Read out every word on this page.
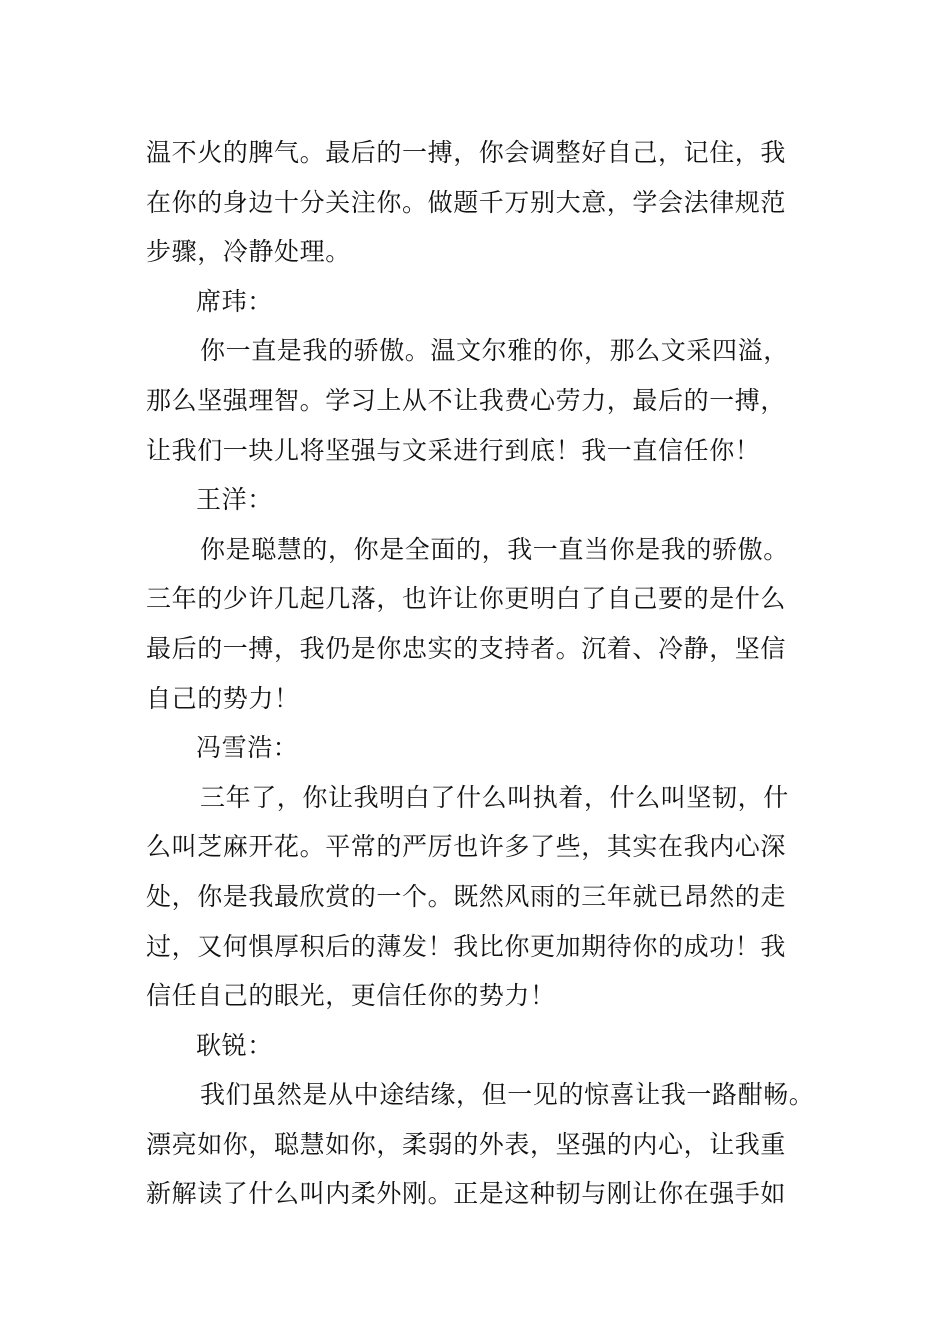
温不火的脾气。最后的一搏，你会调整好自己，记住，我
在你的身边十分关注你。做题千万别大意，学会法律规范
步骤，冷静处理。
席玮：
你一直是我的骄傲。温文尔雅的你，那么文采四溢，
那么坚强理智。学习上从不让我费心劳力，最后的一搏，
让我们一块儿将坚强与文采进行到底！我一直信任你！
王洋：
你是聪慧的，你是全面的，我一直当你是我的骄傲。
三年的少许几起几落，也许让你更明白了自己要的是什么
最后的一搏，我仍是你忠实的支持者。沉着、冷静，坚信
自己的势力！
冯雪浩：
三年了，你让我明白了什么叫执着，什么叫坚韧，什
么叫芝麻开花。平常的严厉也许多了些，其实在我内心深
处，你是我最欣赏的一个。既然风雨的三年就已昂然的走
过，又何惧厚积后的薄发！我比你更加期待你的成功！我
信任自己的眼光，更信任你的势力！
耿锐：
我们虽然是从中途结缘，但一见的惊喜让我一路酣畅。
漂亮如你，聪慧如你，柔弱的外表，坚强的内心，让我重
新解读了什么叫内柔外刚。正是这种韧与刚让你在强手如
